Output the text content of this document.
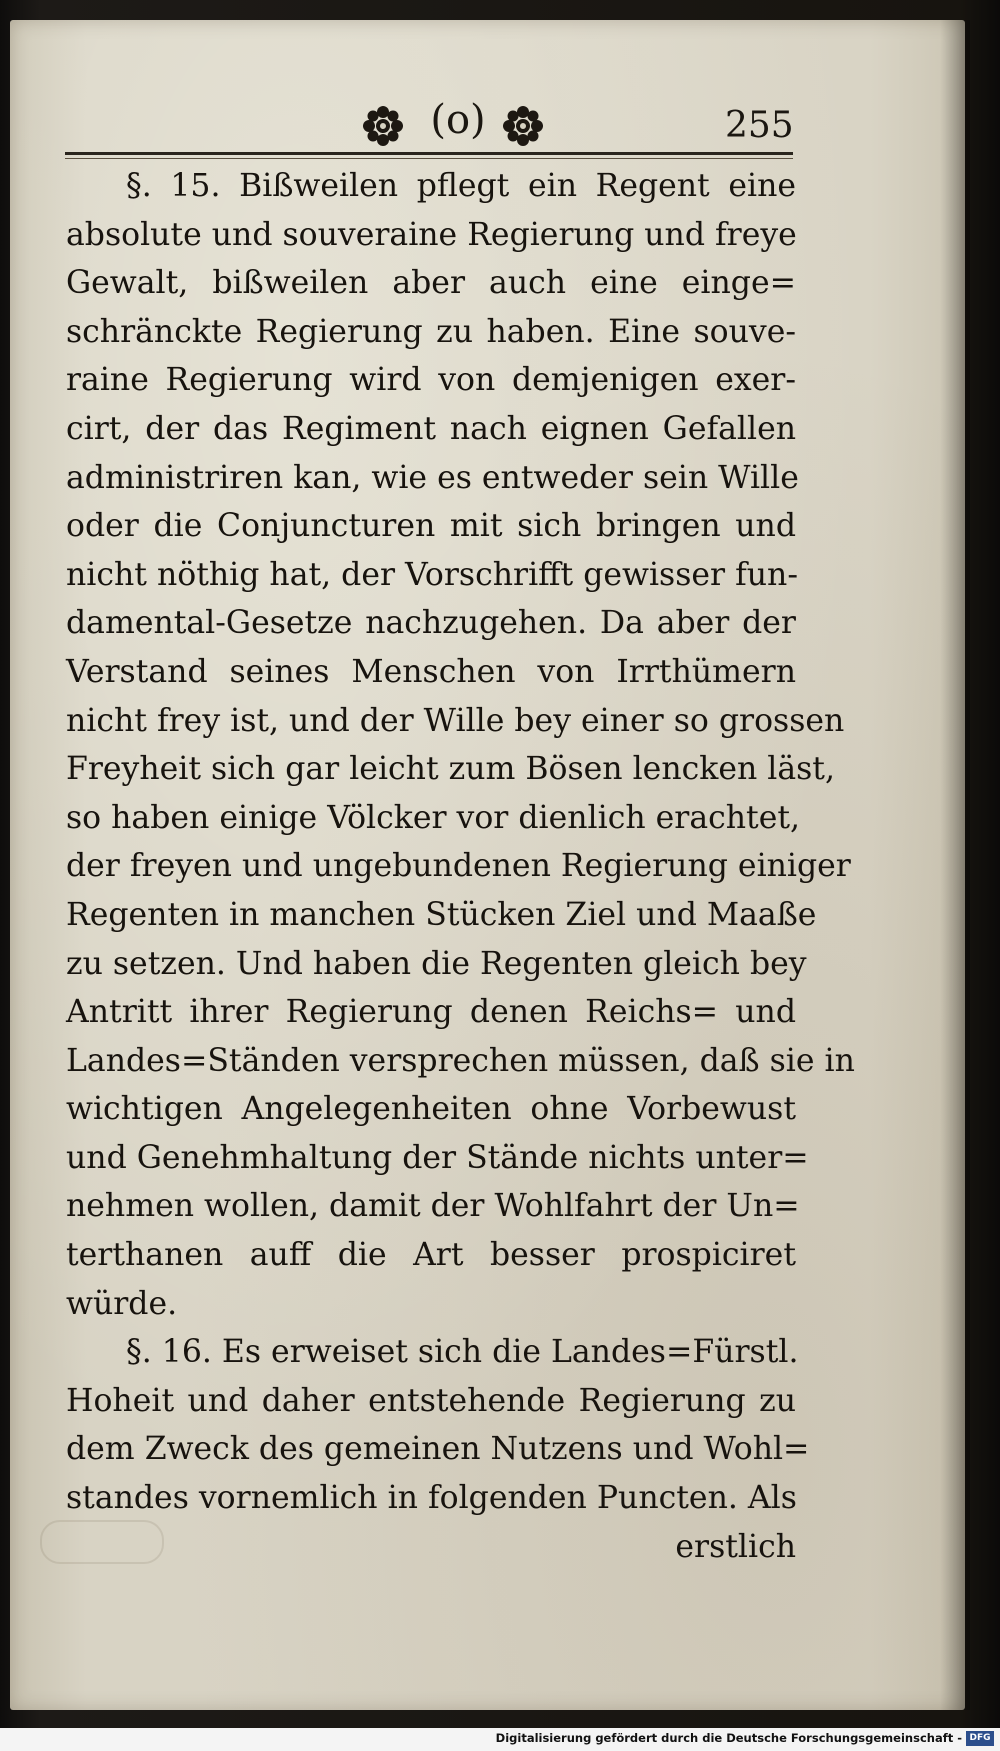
(o)	255
§. 15. Bißweilen pflegt ein Regent eine
absolute und souveraine Regierung und freye
Gewalt, bißweilen aber auch eine einge=
schränckte Regierung zu haben. Eine souve-
raine Regierung wird von demjenigen exer-
cirt, der das Regiment nach eignen Gefallen
administriren kan, wie es entweder sein Wille
oder die Conjuncturen mit sich bringen und
nicht nöthig hat, der Vorschrifft gewisser fun-
damental-Gesetze nachzugehen. Da aber der
Verstand seines Menschen von Irrthümern
nicht frey ist, und der Wille bey einer so grossen
Freyheit sich gar leicht zum Bösen lencken läst,
so haben einige Völcker vor dienlich erachtet,
der freyen und ungebundenen Regierung einiger
Regenten in manchen Stücken Ziel und Maaße
zu setzen. Und haben die Regenten gleich bey
Antritt ihrer Regierung denen Reichs= und
Landes=Ständen versprechen müssen, daß sie in
wichtigen Angelegenheiten ohne Vorbewust
und Genehmhaltung der Stände nichts unter=
nehmen wollen, damit der Wohlfahrt der Un=
terthanen auff die Art besser prospiciret
würde.
§. 16. Es erweiset sich die Landes=Fürstl.
Hoheit und daher entstehende Regierung zu
dem Zweck des gemeinen Nutzens und Wohl=
standes vornemlich in folgenden Puncten. Als
erstlich
Digitalisierung gefördert durch die Deutsche Forschungsgemeinschaft - DFG
